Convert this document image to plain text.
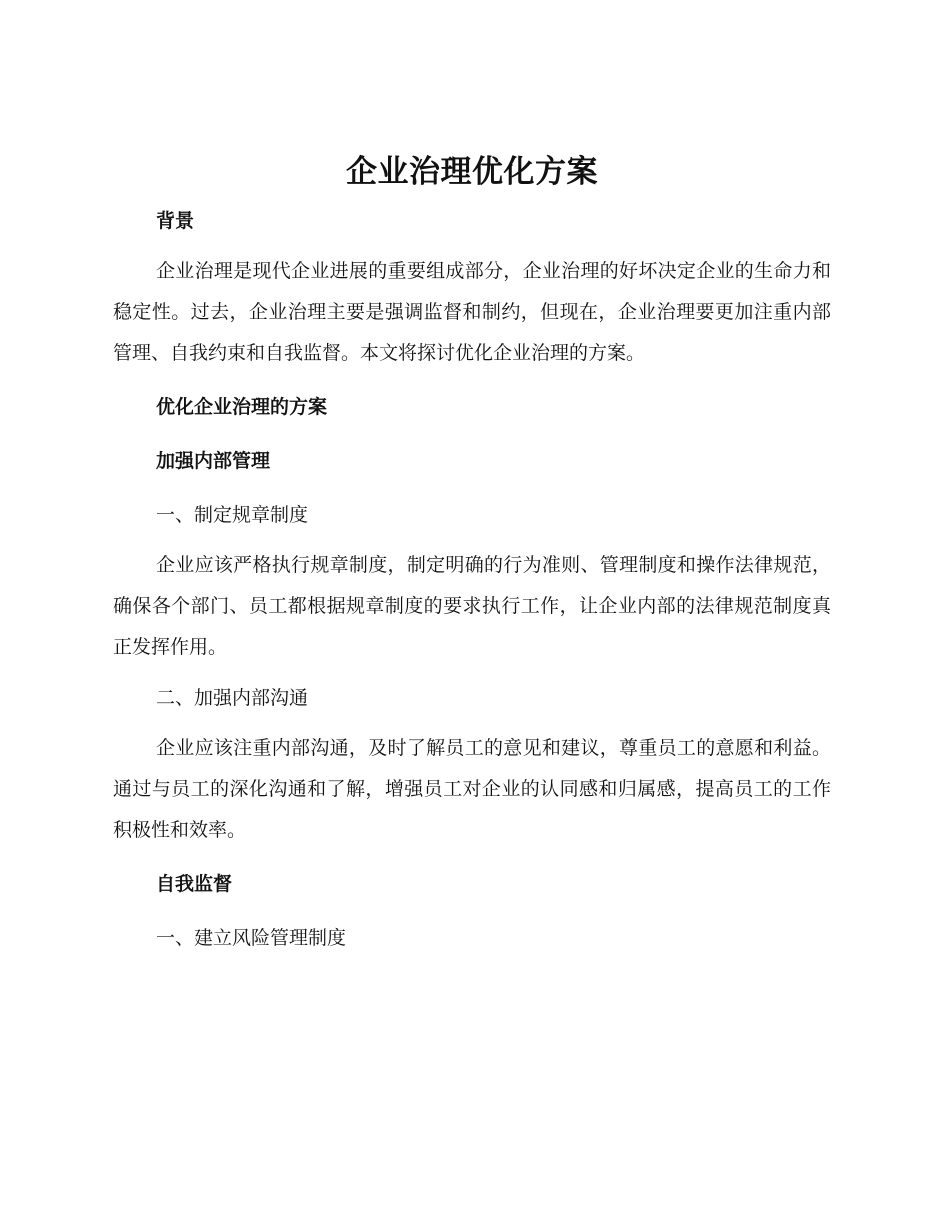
企业治理优化方案

背景

企业治理是现代企业进展的重要组成部分，企业治理的好坏决定企业的生命力和稳定性。过去，企业治理主要是强调监督和制约，但现在，企业治理要更加注重内部管理、自我约束和自我监督。本文将探讨优化企业治理的方案。

优化企业治理的方案

加强内部管理

一、制定规章制度

企业应该严格执行规章制度，制定明确的行为准则、管理制度和操作法律规范，确保各个部门、员工都根据规章制度的要求执行工作，让企业内部的法律规范制度真正发挥作用。

二、加强内部沟通

企业应该注重内部沟通，及时了解员工的意见和建议，尊重员工的意愿和利益。通过与员工的深化沟通和了解，增强员工对企业的认同感和归属感，提高员工的工作积极性和效率。

自我监督

一、建立风险管理制度
